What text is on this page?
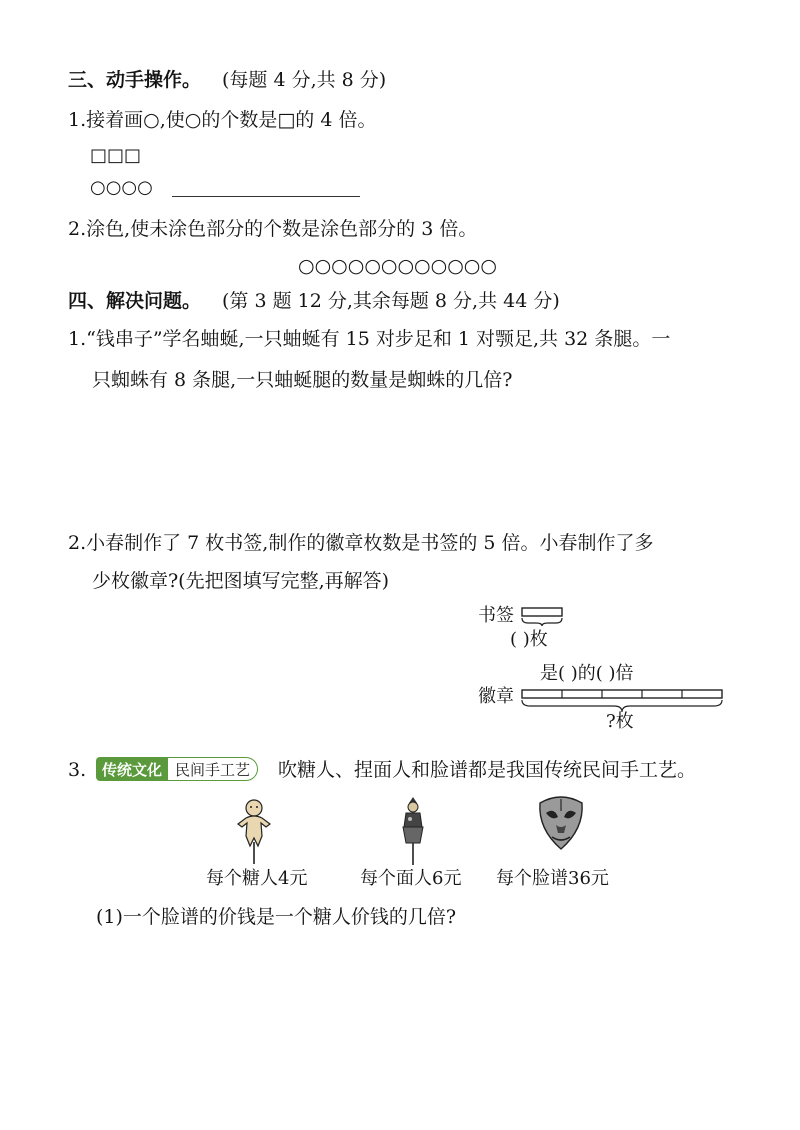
三、动手操作。 (每题 4 分,共 8 分)
1.接着画○,使○的个数是□的 4 倍。
□□□
○○○○
2.涂色,使未涂色部分的个数是涂色部分的 3 倍。
○○○○○○○○○○○○
四、解决问题。 (第 3 题 12 分,其余每题 8 分,共 44 分)
1.“钱串子”学名蚰蜒,一只蚰蜒有 15 对步足和 1 对颚足,共 32 条腿。一
只蜘蛛有 8 条腿,一只蚰蜒腿的数量是蜘蛛的几倍?
2.小春制作了 7 枚书签,制作的徽章枚数是书签的 5 倍。小春制作了多
少枚徽章?(先把图填写完整,再解答)
书签
( )枚
是( )的( )倍
徽章
?枚
3.	传统文化 民间手工艺	吹糖人、捏面人和脸谱都是我国传统民间手工艺。
每个糖人4元	每个面人6元 每个脸谱36元
(1)一个脸谱的价钱是一个糖人价钱的几倍?
